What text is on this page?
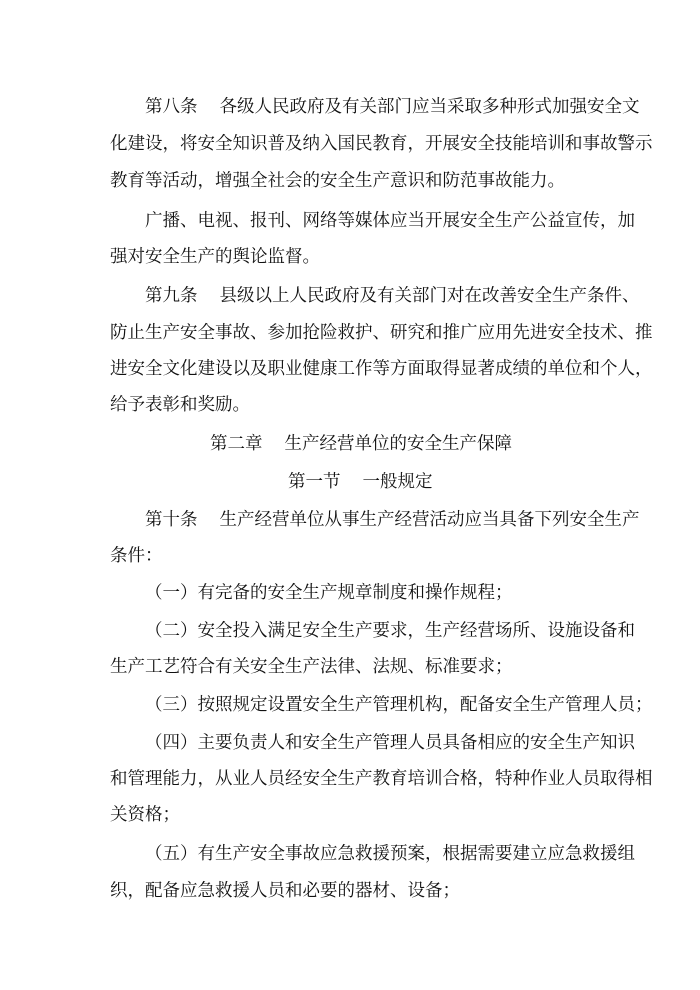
第八条 各级人民政府及有关部门应当采取多种形式加强安全文
化建设，将安全知识普及纳入国民教育，开展安全技能培训和事故警示
教育等活动，增强全社会的安全生产意识和防范事故能力。
广播、电视、报刊、网络等媒体应当开展安全生产公益宣传，加
强对安全生产的舆论监督。
第九条 县级以上人民政府及有关部门对在改善安全生产条件、
防止生产安全事故、参加抢险救护、研究和推广应用先进安全技术、推
进安全文化建设以及职业健康工作等方面取得显著成绩的单位和个人，
给予表彰和奖励。
第二章 生产经营单位的安全生产保障
第一节 一般规定
第十条 生产经营单位从事生产经营活动应当具备下列安全生产
条件：
（一）有完备的安全生产规章制度和操作规程；
（二）安全投入满足安全生产要求，生产经营场所、设施设备和
生产工艺符合有关安全生产法律、法规、标准要求；
（三）按照规定设置安全生产管理机构，配备安全生产管理人员；
（四）主要负责人和安全生产管理人员具备相应的安全生产知识
和管理能力，从业人员经安全生产教育培训合格，特种作业人员取得相
关资格；
（五）有生产安全事故应急救援预案，根据需要建立应急救援组
织，配备应急救援人员和必要的器材、设备；
